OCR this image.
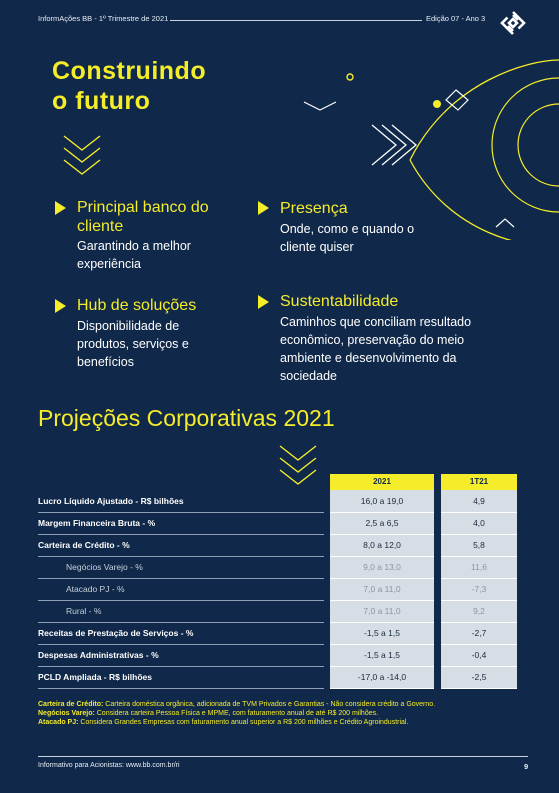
InformAções BB - 1º Trimestre de 2021	Edição 07 - Ano 3
Construindo
o futuro
Principal banco do cliente
Garantindo a melhor experiência
Presença
Onde, como e quando o cliente quiser
Hub de soluções
Disponibilidade de produtos, serviços e benefícios
Sustentabilidade
Caminhos que conciliam resultado econômico, preservação do meio ambiente e desenvolvimento da sociedade
Projeções Corporativas 2021
2021	1T21
Lucro Líquido Ajustado - R$ bilhões	16,0 a 19,0	4,9
Margem Financeira Bruta - %	2,5 a 6,5	4,0
Carteira de Crédito - %	8,0 a 12,0	5,8
Negócios Varejo - %	9,0 a 13,0	11,6
Atacado PJ - %	7,0 a 11,0	-7,3
Rural - %	7,0 a 11,0	9,2
Receitas de Prestação de Serviços - %	-1,5 a 1,5	-2,7
Despesas Administrativas - %	-1,5 a 1,5	-0,4
PCLD Ampliada - R$ bilhões	-17,0 a -14,0	-2,5
Carteira de Crédito: Carteira doméstica orgânica, adicionada de TVM Privados e Garantias - Não considera crédito a Governo.
Negócios Varejo: Considera carteira Pessoa Física e MPME, com faturamento anual de até R$ 200 milhões.
Atacado PJ: Considera Grandes Empresas com faturamento anual superior a R$ 200 milhões e Crédito Agroindustrial.
Informativo para Acionistas: www.bb.com.br/ri	9
